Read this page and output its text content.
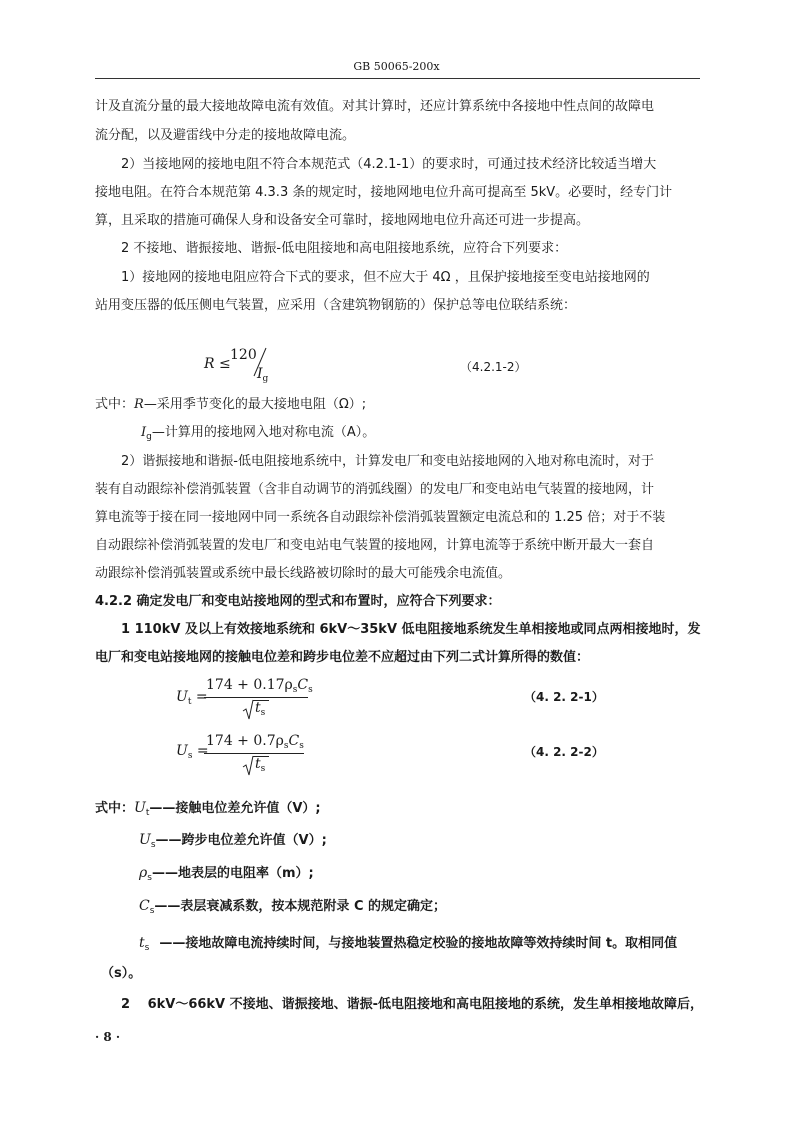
GB 50065-200x
计及直流分量的最大接地故障电流有效值。对其计算时，还应计算系统中各接地中性点间的故障电
流分配，以及避雷线中分走的接地故障电流。
2）当接地网的接地电阻不符合本规范式（4.2.1-1）的要求时，可通过技术经济比较适当增大
接地电阻。在符合本规范第 4.3.3 条的规定时，接地网地电位升高可提高至 5kV。必要时，经专门计
算，且采取的措施可确保人身和设备安全可靠时，接地网地电位升高还可进一步提高。
2 不接地、谐振接地、谐振-低电阻接地和高电阻接地系统，应符合下列要求：
1）接地网的接地电阻应符合下式的要求，但不应大于 4Ω ，且保护接地接至变电站接地网的
站用变压器的低压侧电气装置，应采用（含建筑物钢筋的）保护总等电位联结系统：
R ≤
120
$I_g$
（4.2.1-2）
式中：R—采用季节变化的最大接地电阻（Ω）;
$I_g—$计算用的接地网入地对称电流（A）。
2）谐振接地和谐振-低电阻接地系统中，计算发电厂和变电站接地网的入地对称电流时，对于
装有自动跟综补偿消弧装置（含非自动调节的消弧线圈）的发电厂和变电站电气装置的接地网，计
算电流等于接在同一接地网中同一系统各自动跟综补偿消弧装置额定电流总和的 1.25 倍；对于不装
自动跟综补偿消弧装置的发电厂和变电站电气装置的接地网，计算电流等于系统中断开最大一套自
动跟综补偿消弧装置或系统中最长线路被切除时的最大可能残余电流值。
4.2.2 确定发电厂和变电站接地网的型式和布置时，应符合下列要求：
1 110kV 及以上有效接地系统和 6kV～35kV 低电阻接地系统发生单相接地或同点两相接地时，发
电厂和变电站接地网的接触电位差和跨步电位差不应超过由下列二式计算所得的数值：
$U_t$ =
$174 + 0.17\rho_sC_s$
$t_s$
（4. 2. 2-1）
$U_s$ =
$174 + 0.7\rho_sC_s$
$t_s$
（4. 2. 2-2）
式中：$U_t——$接触电位差允许值（V）;
$U_s——$跨步电位差允许值（V）;
$\rho_s——$地表层的电阻率（m）;
$C_s——$表层衰减系数，按本规范附录 C 的规定确定；
$t_s$ ——接地故障电流持续时间，与接地装置热稳定校验的接地故障等效持续时间 t。取相同值
（s）。
2　 6kV～66kV 不接地、谐振接地、谐振-低电阻接地和高电阻接地的系统，发生单相接地故障后，
· 8 ·
